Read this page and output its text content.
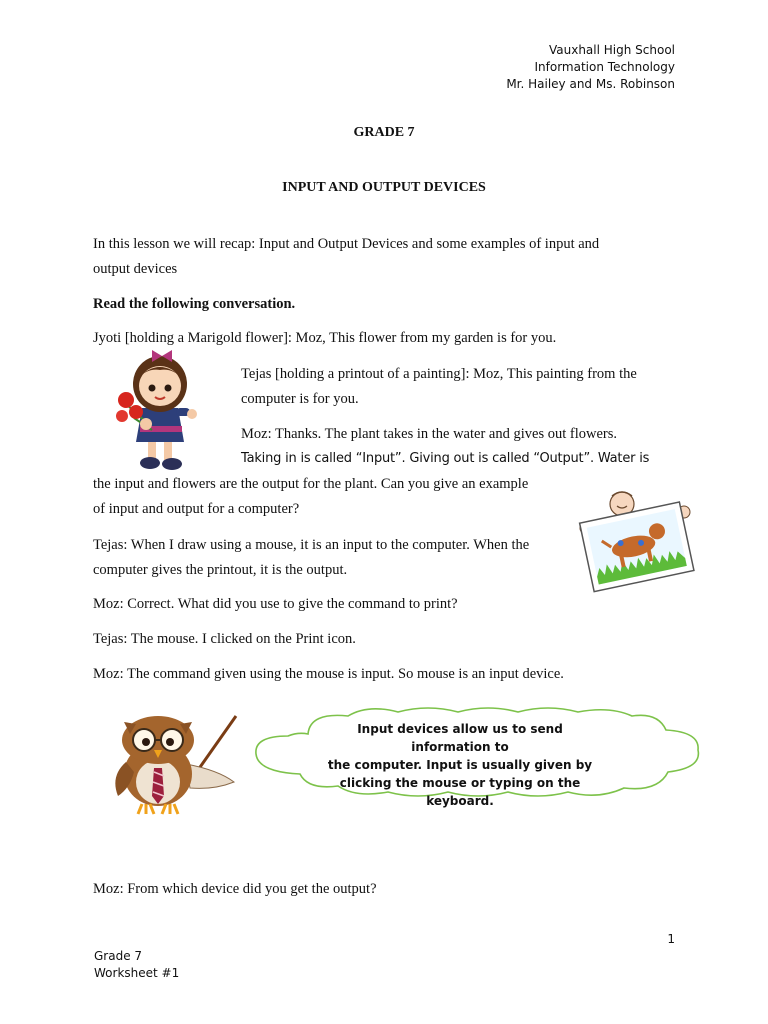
Vauxhall High School
Information Technology
Mr. Hailey and Ms. Robinson
GRADE 7
INPUT AND OUTPUT DEVICES
In this lesson we will recap: Input and Output Devices and some examples of input and
output devices
Read the following conversation.
Jyoti [holding a Marigold flower]: Moz, This flower from my garden is for you.
Tejas [holding a printout of a painting]: Moz, This painting from the
computer is for you.
Moz: Thanks. The plant takes in the water and gives out flowers.
Taking in is called “Input”. Giving out is called “Output”. Water is
the input and flowers are the output for the plant. Can you give an example
of input and output for a computer?
Tejas: When I draw using a mouse, it is an input to the computer. When the
computer gives the printout, it is the output.
Moz: Correct. What did you use to give the command to print?
Tejas: The mouse. I clicked on the Print icon.
Moz: The command given using the mouse is input. So mouse is an input device.
Input devices allow us to send information to
the computer. Input is usually given by
clicking the mouse or typing on the keyboard.
Moz: From which device did you get the output?
1
Grade 7
Worksheet #1
